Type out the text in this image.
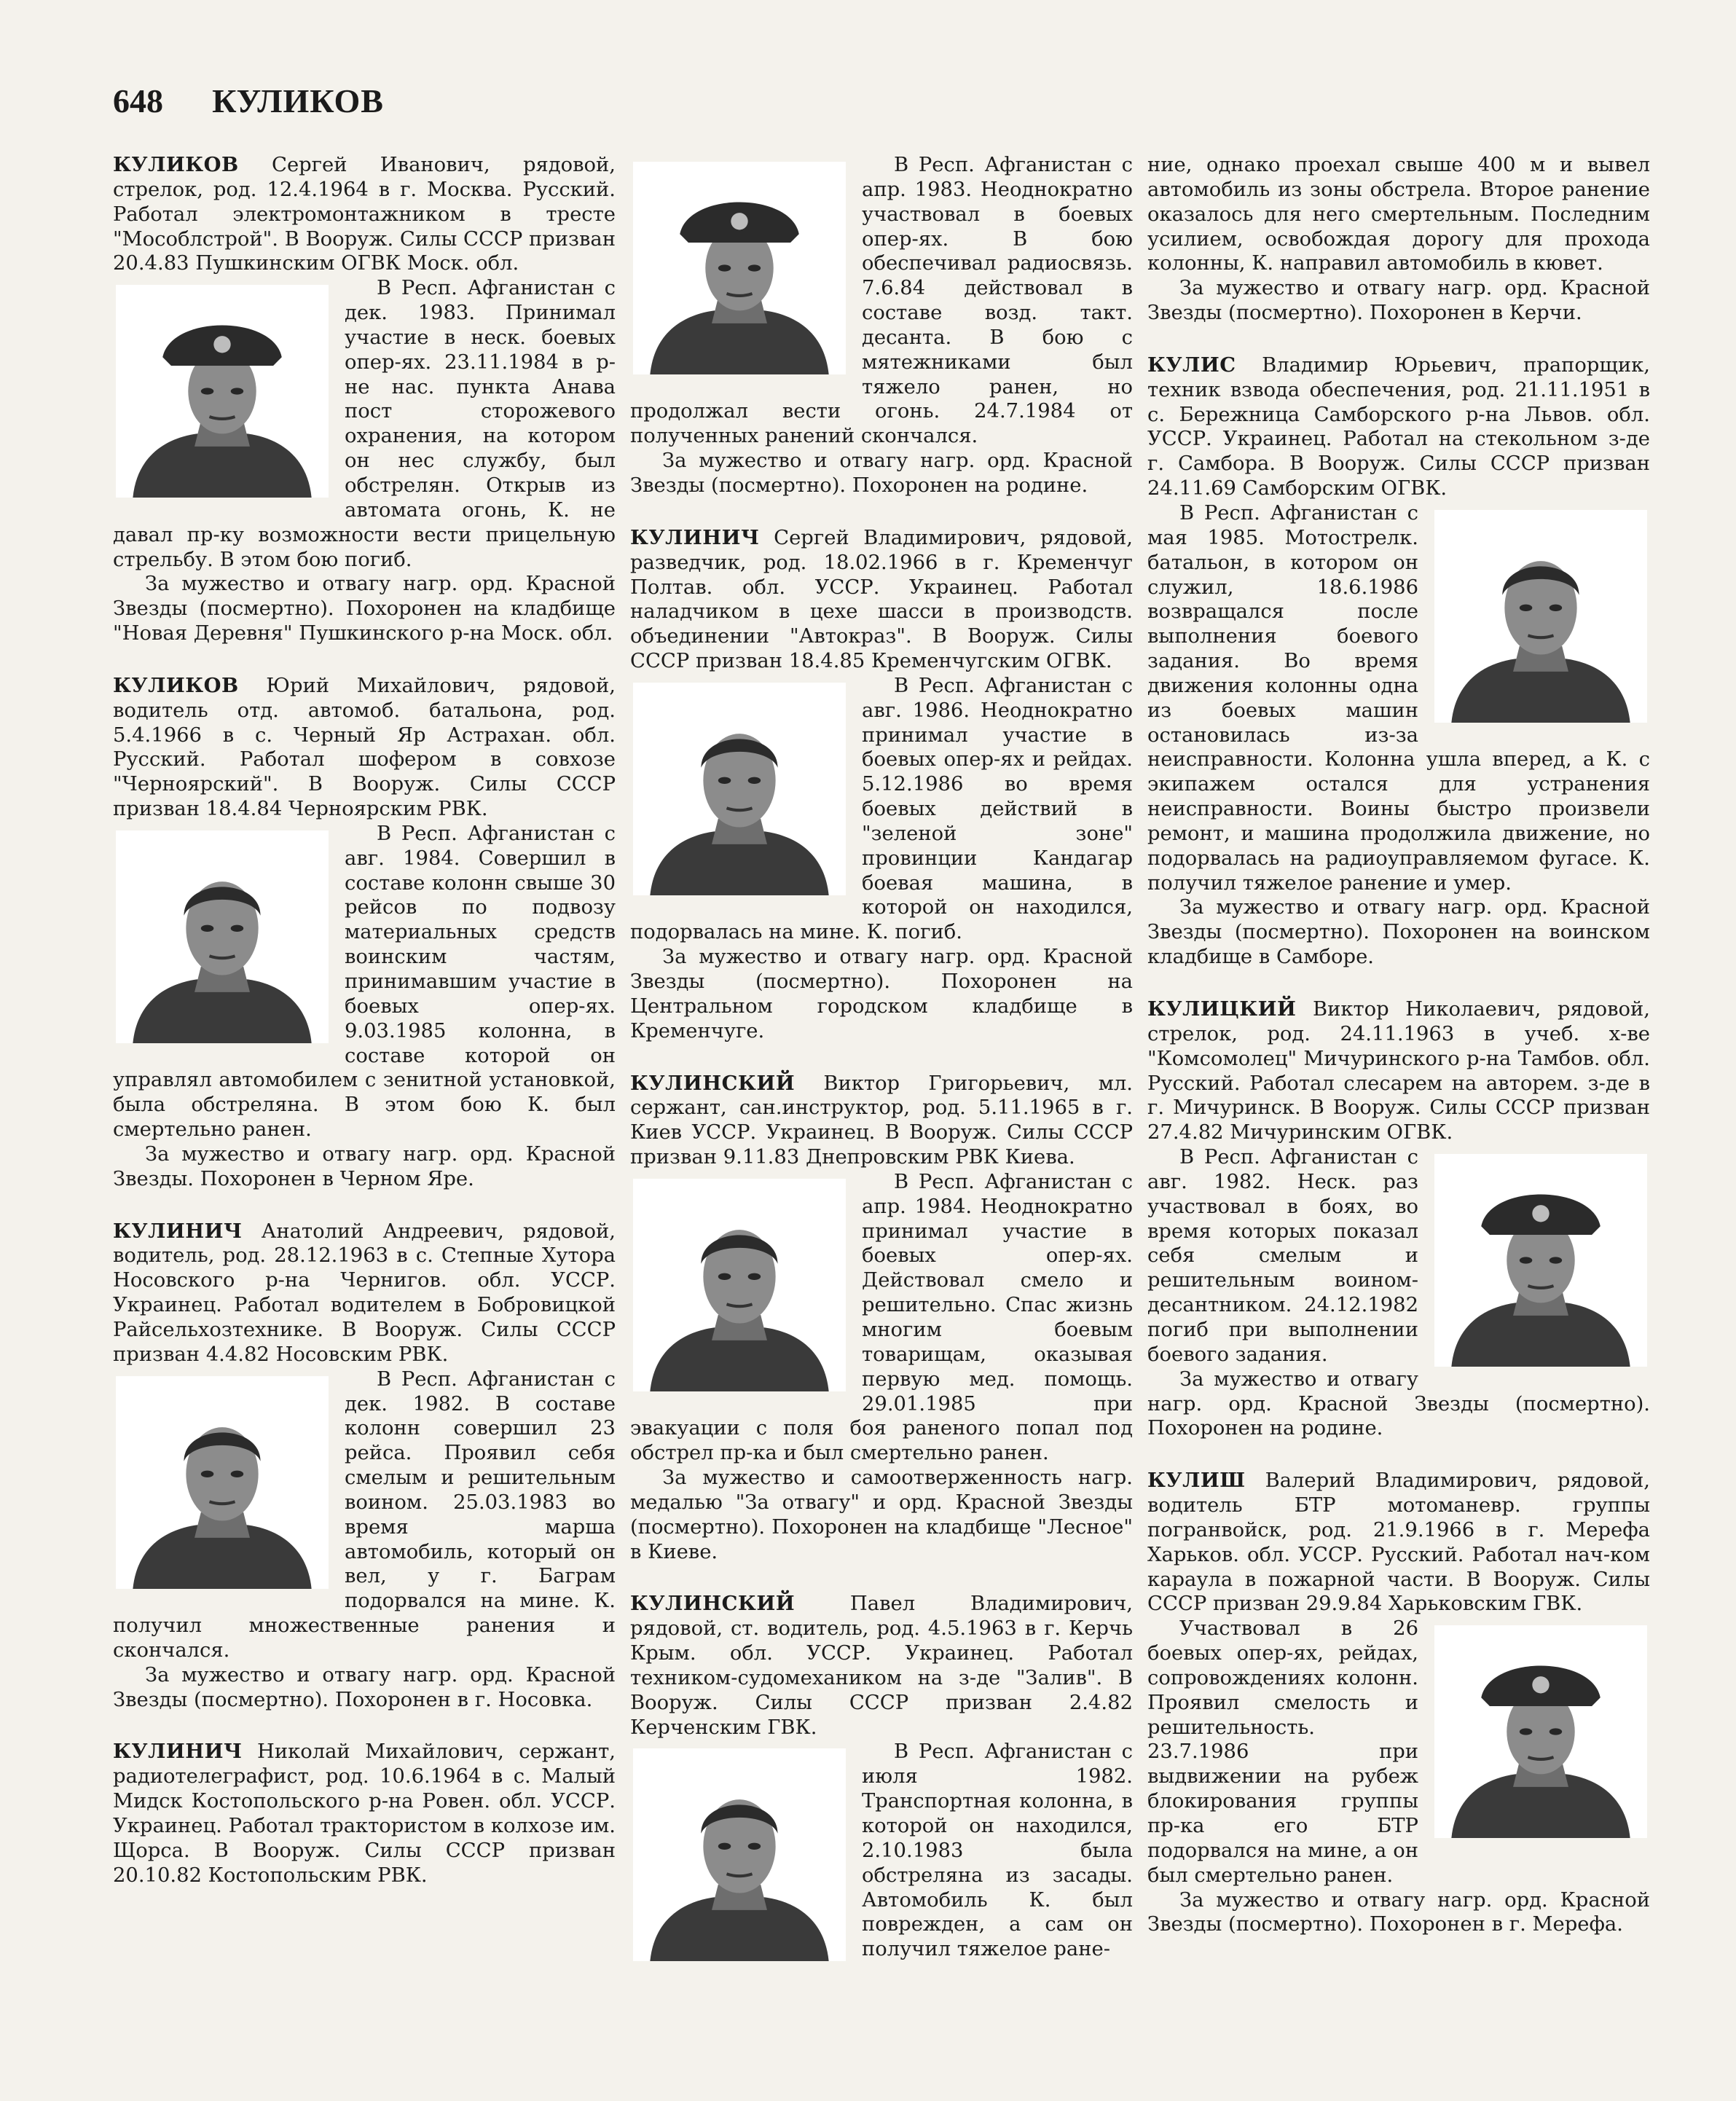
648 КУЛИКОВ

КУЛИКОВ Сергей Иванович, рядовой, стрелок, род. 12.4.1964 в г. Москва. Русский. Работал электромонтажником в тресте "Мособлстрой". В Вооруж. Силы СССР призван 20.4.83 Пушкинским ОГВК Моск. обл.

В Респ. Афганистан с дек. 1983. Принимал участие в неск. боевых опер-ях. 23.11.1984 в р-не нас. пункта Анава пост сторожевого охранения, на котором он нес службу, был обстрелян. Открыв из автомата огонь, К. не давал пр-ку возможности вести прицельную стрельбу. В этом бою погиб.

За мужество и отвагу нагр. орд. Красной Звезды (посмертно). Похоронен на кладбище "Новая Деревня" Пушкинского р-на Моск. обл.

КУЛИКОВ Юрий Михайлович, рядовой, водитель отд. автомоб. батальона, род. 5.4.1966 в с. Черный Яр Астрахан. обл. Русский. Работал шофером в совхозе "Черноярский". В Вооруж. Силы СССР призван 18.4.84 Черноярским РВК.

В Респ. Афганистан с авг. 1984. Совершил в составе колонн свыше 30 рейсов по подвозу материальных средств воинским частям, принимавшим участие в боевых опер-ях. 9.03.1985 колонна, в составе которой он управлял автомобилем с зенитной установкой, была обстреляна. В этом бою К. был смертельно ранен.

За мужество и отвагу нагр. орд. Красной Звезды. Похоронен в Черном Яре.

КУЛИНИЧ Анатолий Андреевич, рядовой, водитель, род. 28.12.1963 в с. Степные Хутора Носовского р-на Чернигов. обл. УССР. Украинец. Работал водителем в Бобровицкой Райсельхозтехнике. В Вооруж. Силы СССР призван 4.4.82 Носовским РВК.

В Респ. Афганистан с дек. 1982. В составе колонн совершил 23 рейса. Проявил себя смелым и решительным воином. 25.03.1983 во время марша автомобиль, который он вел, у г. Баграм подорвался на мине. К. получил множественные ранения и скончался.

За мужество и отвагу нагр. орд. Красной Звезды (посмертно). Похоронен в г. Носовка.

КУЛИНИЧ Николай Михайлович, сержант, радиотелеграфист, род. 10.6.1964 в с. Малый Мидск Костопольского р-на Ровен. обл. УССР. Украинец. Работал трактористом в колхозе им. Щорса. В Вооруж. Силы СССР призван 20.10.82 Костопольским РВК.

В Респ. Афганистан с апр. 1983. Неоднократно участвовал в боевых опер-ях. В бою обеспечивал радиосвязь. 7.6.84 действовал в составе возд. такт. десанта. В бою с мятежниками был тяжело ранен, но продолжал вести огонь. 24.7.1984 от полученных ранений скончался.

За мужество и отвагу нагр. орд. Красной Звезды (посмертно). Похоронен на родине.

КУЛИНИЧ Сергей Владимирович, рядовой, разведчик, род. 18.02.1966 в г. Кременчуг Полтав. обл. УССР. Украинец. Работал наладчиком в цехе шасси в производств. объединении "Автокраз". В Вооруж. Силы СССР призван 18.4.85 Кременчугским ОГВК.

В Респ. Афганистан с авг. 1986. Неоднократно принимал участие в боевых опер-ях и рейдах. 5.12.1986 во время боевых действий в "зеленой зоне" провинции Кандагар боевая машина, в которой он находился, подорвалась на мине. К. погиб.

За мужество и отвагу нагр. орд. Красной Звезды (посмертно). Похоронен на Центральном городском кладбище в Кременчуге.

КУЛИНСКИЙ Виктор Григорьевич, мл. сержант, сан.инструктор, род. 5.11.1965 в г. Киев УССР. Украинец. В Вооруж. Силы СССР призван 9.11.83 Днепровским РВК Киева.

В Респ. Афганистан с апр. 1984. Неоднократно принимал участие в боевых опер-ях. Действовал смело и решительно. Спас жизнь многим боевым товарищам, оказывая первую мед. помощь. 29.01.1985 при эвакуации с поля боя раненого попал под обстрел пр-ка и был смертельно ранен.

За мужество и самоотверженность нагр. медалью "За отвагу" и орд. Красной Звезды (посмертно). Похоронен на кладбище "Лесное" в Киеве.

КУЛИНСКИЙ	Павел Владимирович, рядовой, ст. водитель, род. 4.5.1963 в г. Керчь Крым. обл. УССР. Украинец. Работал техником-судомехаником на з-де "Залив". В Вооруж. Силы СССР призван 2.4.82 Керченским ГВК.

В Респ. Афганистан с июля 1982. Транспортная колонна, в которой он находился, 2.10.1983 была обстреляна из засады. Автомобиль К. был поврежден, а сам он получил тяжелое ране-

ние, однако проехал свыше 400 м и вывел автомобиль из зоны обстрела. Второе ранение оказалось для него смертельным. Последним усилием, освобождая дорогу для прохода колонны, К. направил автомобиль в кювет.

За мужество и отвагу нагр. орд. Красной Звезды (посмертно). Похоронен в Керчи.

КУЛИС Владимир Юрьевич, прапорщик, техник взвода обеспечения, род. 21.11.1951 в с. Бережница Самборского р-на Львов. обл. УССР. Украинец. Работал на стекольном з-де г. Самбора. В Вооруж. Силы СССР призван 24.11.69 Самборским ОГВК.

В Респ. Афганистан с мая 1985. Мотострелк. батальон, в котором он служил, 18.6.1986 возвращался после выполнения боевого задания. Во время движения колонны одна из боевых машин остановилась из-за неисправности. Колонна ушла вперед, а К. с экипажем остался для устранения неисправности. Воины быстро произвели ремонт, и машина продолжила движение, но подорвалась на радиоуправляемом фугасе. К. получил тяжелое ранение и умер.

За мужество и отвагу нагр. орд. Красной Звезды (посмертно). Похоронен на воинском кладбище в Самборе.

КУЛИЦКИЙ Виктор Николаевич, рядовой, стрелок, род. 24.11.1963 в учеб. х-ве "Комсомолец" Мичуринского р-на Тамбов. обл. Русский. Работал слесарем на авторем. з-де в г. Мичуринск. В Вооруж. Силы СССР призван 27.4.82 Мичуринским ОГВК.

В Респ. Афганистан с авг. 1982. Неск. раз участвовал в боях, во время которых показал себя смелым и решительным воином-десантником. 24.12.1982 погиб при выполнении боевого задания.

За мужество и отвагу нагр. орд. Красной Звезды (посмертно). Похоронен на родине.

КУЛИШ Валерий Владимирович, рядовой, водитель БТР мотоманевр. группы погранвойск, род. 21.9.1966 в г. Мерефа Харьков. обл. УССР. Русский. Работал нач-ком караула в пожарной части. В Вооруж. Силы СССР призван 29.9.84 Харьковским ГВК.

Участвовал в 26 боевых опер-ях, рейдах, сопровождениях колонн. Проявил смелость и решительность. 23.7.1986 при выдвижении на рубеж блокирования группы пр-ка его БТР подорвался на мине, а он был смертельно ранен.

За мужество и отвагу нагр. орд. Красной Звезды (посмертно). Похоронен в г. Мерефа.
